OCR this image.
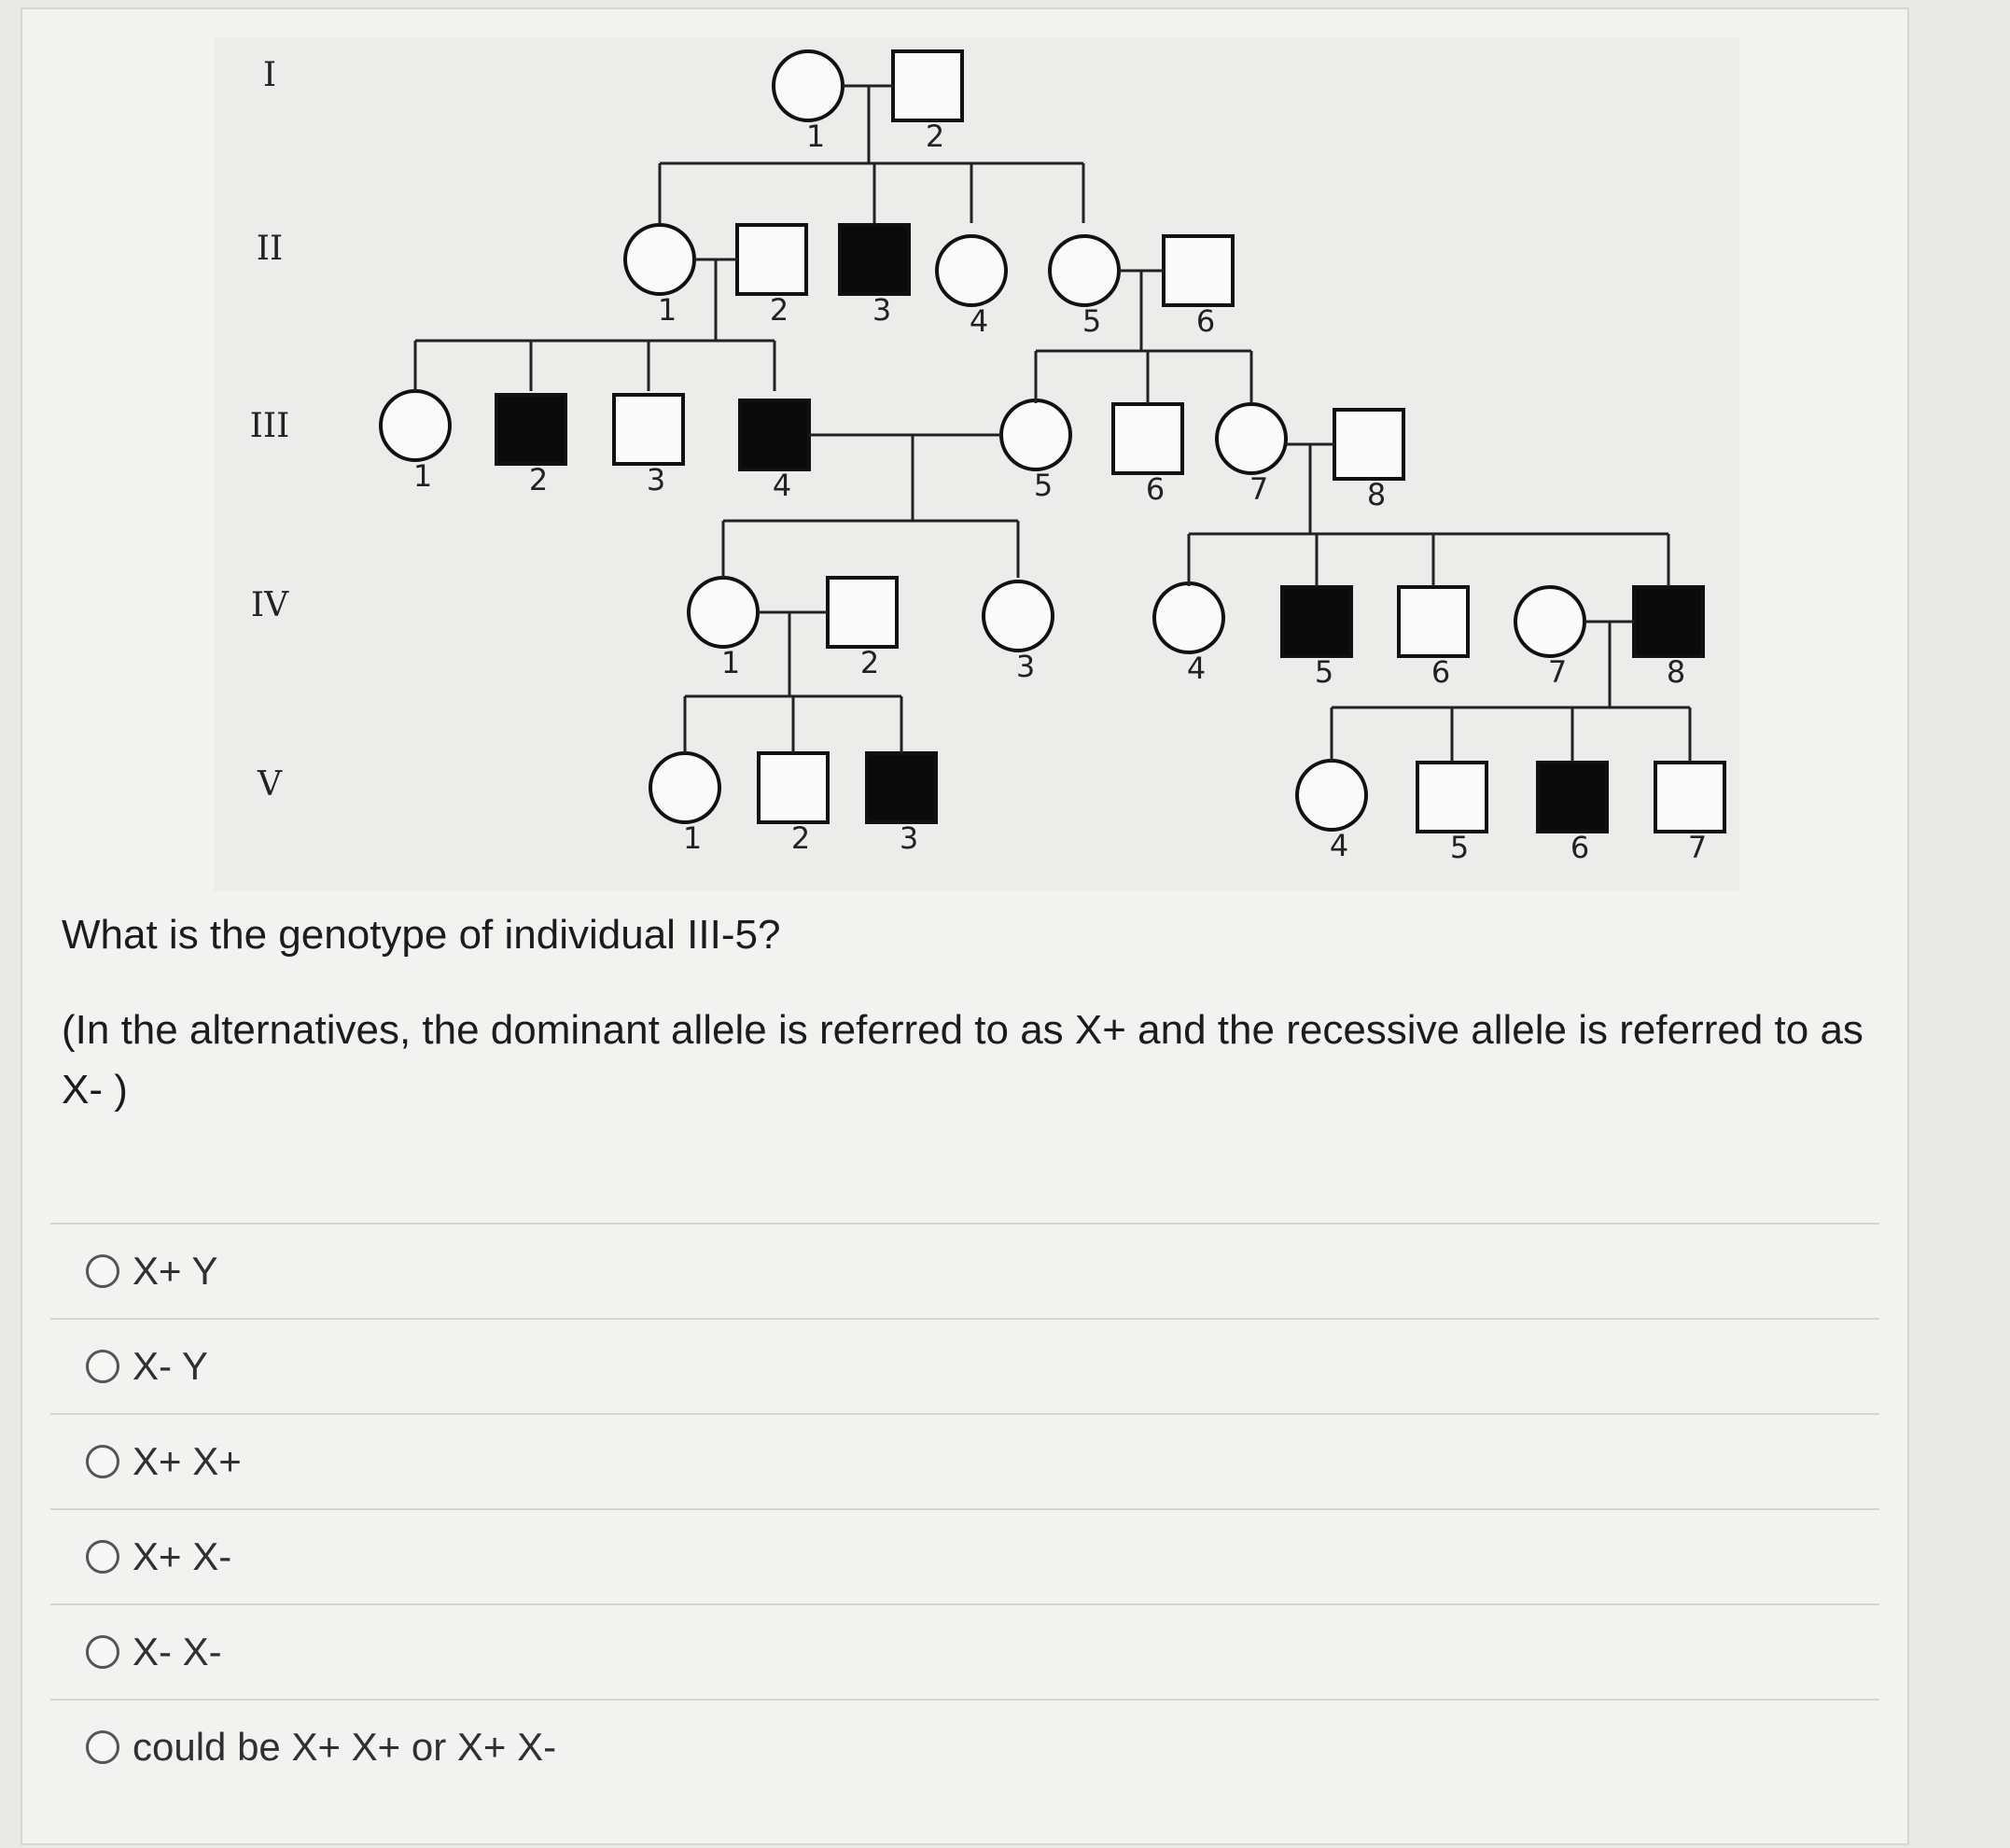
I
II
III
IV
V
1	2
1	2	3	4	5	6
1	2	3	4	5	6	7	8
1	2	3	4	5	6	7	8
1	2	3	4	5	6	7

What is the genotype of individual III-5?

(In the alternatives, the dominant allele is referred to as X+ and the recessive allele is referred to as X- )

X+ Y
X- Y
X+ X+
X+ X-
X- X-
could be X+ X+ or X+ X-
